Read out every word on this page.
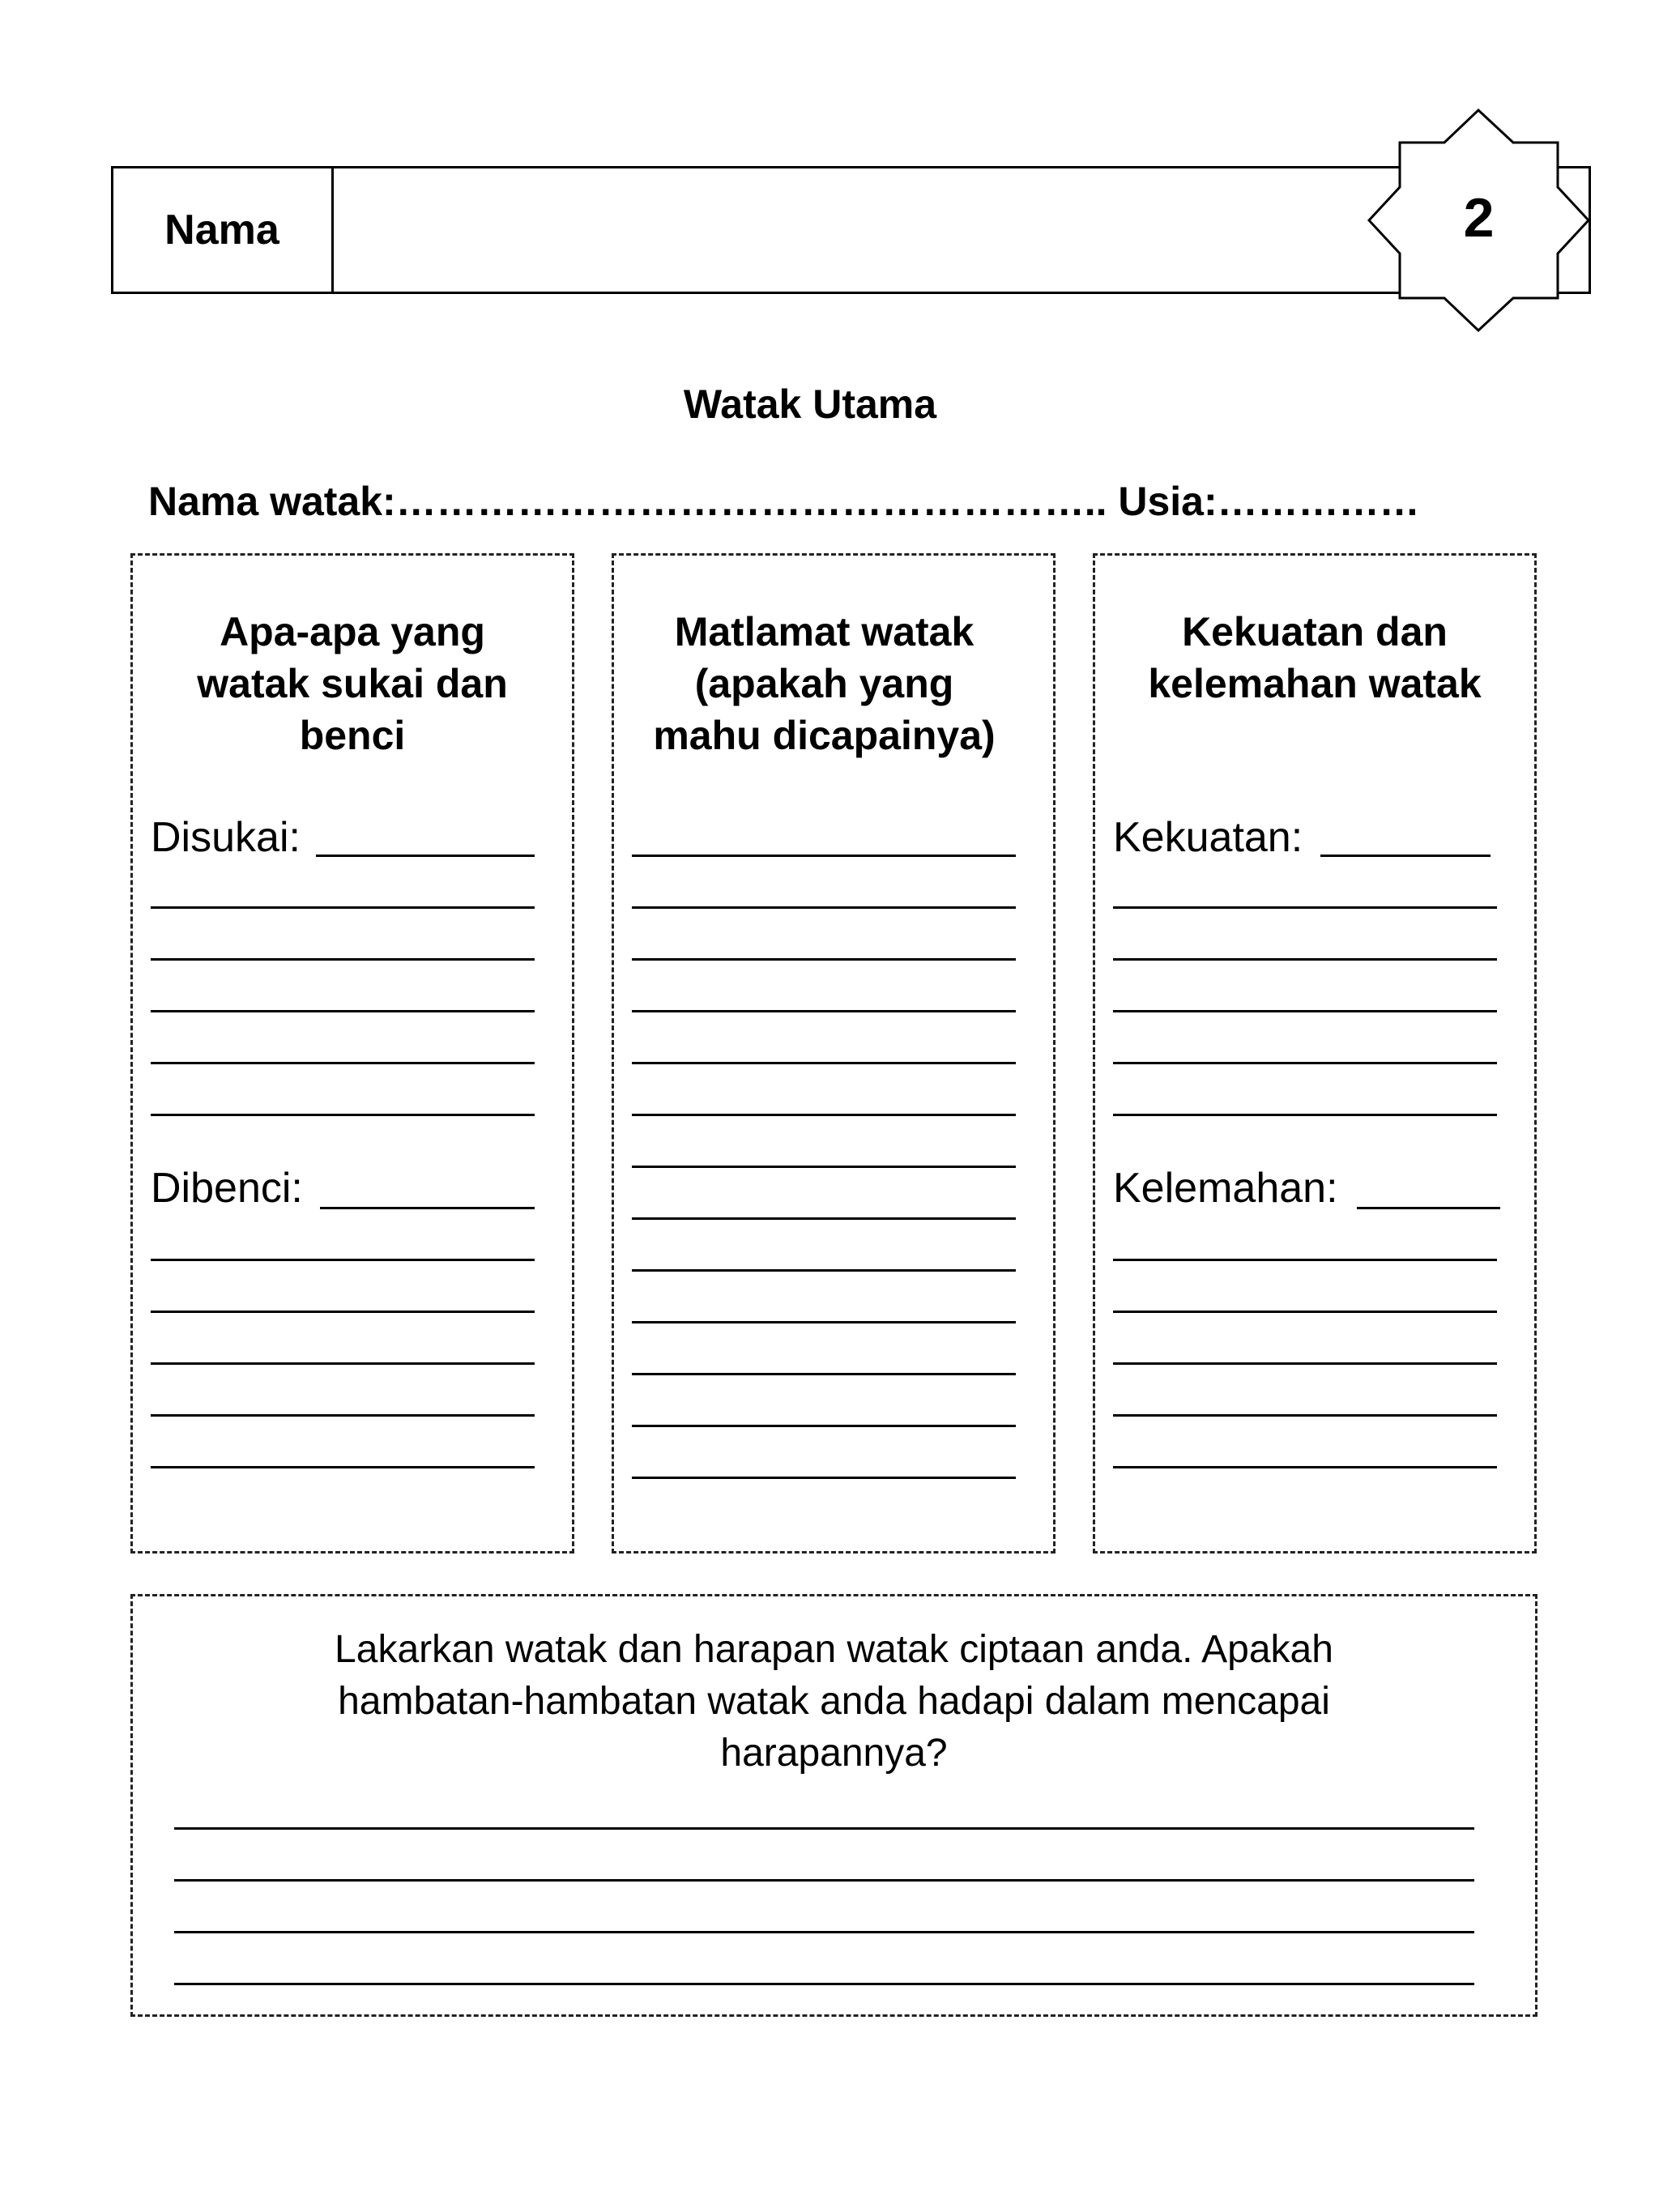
Nama	2
Watak Utama
Nama watak:…………………………………………….. Usia:……………
Apa-apa yang
watak sukai dan
benci
Disukai:
Dibenci:
Matlamat watak
(apakah yang
mahu dicapainya)
Kekuatan dan
kelemahan watak
Kekuatan:
Kelemahan:
Lakarkan watak dan harapan watak ciptaan anda. Apakah
hambatan-hambatan watak anda hadapi dalam mencapai
harapannya?
